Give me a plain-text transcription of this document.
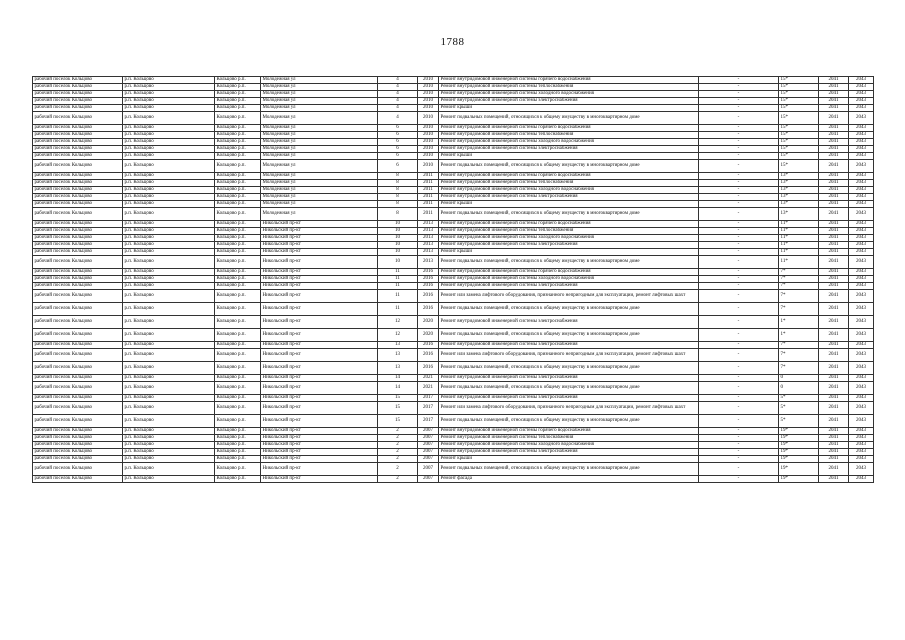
1788
рабочий поселок Кольцово	р.п. Кольцово	Кольцово р.п.	Молодежная ул	4	2010	Ремонт внутридомовой инженерной системы горячего водоснабжения	-	15*	2041	2043
рабочий поселок Кольцово	р.п. Кольцово	Кольцово р.п.	Молодежная ул	4	2010	Ремонт внутридомовой инженерной системы теплоснабжения	-	15*	2041	2043
рабочий поселок Кольцово	р.п. Кольцово	Кольцово р.п.	Молодежная ул	4	2010	Ремонт внутридомовой инженерной системы холодного водоснабжения	-	15*	2041	2043
рабочий поселок Кольцово	р.п. Кольцово	Кольцово р.п.	Молодежная ул	4	2010	Ремонт внутридомовой инженерной системы электроснабжения	-	15*	2041	2043
рабочий поселок Кольцово	р.п. Кольцово	Кольцово р.п.	Молодежная ул	4	2010	Ремонт крыши	-	15*	2041	2043
рабочий поселок Кольцово	р.п. Кольцово	Кольцово р.п.	Молодежная ул	4	2010	Ремонт подвальных помещений, относящихся к общему имуществу в многоквартирном доме	-	15*	2041	2043
рабочий поселок Кольцово	р.п. Кольцово	Кольцово р.п.	Молодежная ул	6	2010	Ремонт внутридомовой инженерной системы горячего водоснабжения	-	15*	2041	2043
рабочий поселок Кольцово	р.п. Кольцово	Кольцово р.п.	Молодежная ул	6	2010	Ремонт внутридомовой инженерной системы теплоснабжения	-	15*	2041	2043
рабочий поселок Кольцово	р.п. Кольцово	Кольцово р.п.	Молодежная ул	6	2010	Ремонт внутридомовой инженерной системы холодного водоснабжения	-	15*	2041	2043
рабочий поселок Кольцово	р.п. Кольцово	Кольцово р.п.	Молодежная ул	6	2010	Ремонт внутридомовой инженерной системы электроснабжения	-	15*	2041	2043
рабочий поселок Кольцово	р.п. Кольцово	Кольцово р.п.	Молодежная ул	6	2010	Ремонт крыши	-	15*	2041	2043
рабочий поселок Кольцово	р.п. Кольцово	Кольцово р.п.	Молодежная ул	6	2010	Ремонт подвальных помещений, относящихся к общему имуществу в многоквартирном доме	-	15*	2041	2043
рабочий поселок Кольцово	р.п. Кольцово	Кольцово р.п.	Молодежная ул	8	2011	Ремонт внутридомовой инженерной системы горячего водоснабжения	-	13*	2041	2043
рабочий поселок Кольцово	р.п. Кольцово	Кольцово р.п.	Молодежная ул	8	2011	Ремонт внутридомовой инженерной системы теплоснабжения	-	13*	2041	2043
рабочий поселок Кольцово	р.п. Кольцово	Кольцово р.п.	Молодежная ул	8	2011	Ремонт внутридомовой инженерной системы холодного водоснабжения	-	13*	2041	2043
рабочий поселок Кольцово	р.п. Кольцово	Кольцово р.п.	Молодежная ул	8	2011	Ремонт внутридомовой инженерной системы электроснабжения	-	13*	2041	2043
рабочий поселок Кольцово	р.п. Кольцово	Кольцово р.п.	Молодежная ул	8	2011	Ремонт крыши	-	13*	2041	2043
рабочий поселок Кольцово	р.п. Кольцово	Кольцово р.п.	Молодежная ул	8	2011	Ремонт подвальных помещений, относящихся к общему имуществу в многоквартирном доме	-	13*	2041	2043
рабочий поселок Кольцово	р.п. Кольцово	Кольцово р.п.	Никольский пр-кт	10	2013	Ремонт внутридомовой инженерной системы горячего водоснабжения	-	11*	2041	2043
рабочий поселок Кольцово	р.п. Кольцово	Кольцово р.п.	Никольский пр-кт	10	2013	Ремонт внутридомовой инженерной системы теплоснабжения	-	11*	2041	2043
рабочий поселок Кольцово	р.п. Кольцово	Кольцово р.п.	Никольский пр-кт	10	2013	Ремонт внутридомовой инженерной системы холодного водоснабжения	-	11*	2041	2043
рабочий поселок Кольцово	р.п. Кольцово	Кольцово р.п.	Никольский пр-кт	10	2013	Ремонт внутридомовой инженерной системы электроснабжения	-	11*	2041	2043
рабочий поселок Кольцово	р.п. Кольцово	Кольцово р.п.	Никольский пр-кт	10	2013	Ремонт крыши	-	11*	2041	2043
рабочий поселок Кольцово	р.п. Кольцово	Кольцово р.п.	Никольский пр-кт	10	2013	Ремонт подвальных помещений, относящихся к общему имуществу в многоквартирном доме	-	11*	2041	2043
рабочий поселок Кольцово	р.п. Кольцово	Кольцово р.п.	Никольский пр-кт	11	2016	Ремонт внутридомовой инженерной системы горячего водоснабжения	-	7*	2041	2043
рабочий поселок Кольцово	р.п. Кольцово	Кольцово р.п.	Никольский пр-кт	11	2016	Ремонт внутридомовой инженерной системы холодного водоснабжения	-	7*	2041	2043
рабочий поселок Кольцово	р.п. Кольцово	Кольцово р.п.	Никольский пр-кт	11	2016	Ремонт внутридомовой инженерной системы электроснабжения	-	7*	2041	2043
рабочий поселок Кольцово	р.п. Кольцово	Кольцово р.п.	Никольский пр-кт	11	2016	Ремонт или замена лифтового оборудования, признанного непригодным для эксплуатации, ремонт лифтовых шахт	-	7*	2041	2043
рабочий поселок Кольцово	р.п. Кольцово	Кольцово р.п.	Никольский пр-кт	11	2016	Ремонт подвальных помещений, относящихся к общему имуществу в многоквартирном доме	-	7*	2041	2043
рабочий поселок Кольцово	р.п. Кольцово	Кольцово р.п.	Никольский пр-кт	12	2020	Ремонт внутридомовой инженерной системы электроснабжения	-	1*	2041	2043
рабочий поселок Кольцово	р.п. Кольцово	Кольцово р.п.	Никольский пр-кт	12	2020	Ремонт подвальных помещений, относящихся к общему имуществу в многоквартирном доме	-	1*	2041	2043
рабочий поселок Кольцово	р.п. Кольцово	Кольцово р.п.	Никольский пр-кт	13	2016	Ремонт внутридомовой инженерной системы электроснабжения	-	7*	2041	2043
рабочий поселок Кольцово	р.п. Кольцово	Кольцово р.п.	Никольский пр-кт	13	2016	Ремонт или замена лифтового оборудования, признанного непригодным для эксплуатации, ремонт лифтовых шахт	-	7*	2041	2043
рабочий поселок Кольцово	р.п. Кольцово	Кольцово р.п.	Никольский пр-кт	13	2016	Ремонт подвальных помещений, относящихся к общему имуществу в многоквартирном доме	-	7*	2041	2043
рабочий поселок Кольцово	р.п. Кольцово	Кольцово р.п.	Никольский пр-кт	14	2021	Ремонт внутридомовой инженерной системы электроснабжения	-	0	2041	2043
рабочий поселок Кольцово	р.п. Кольцово	Кольцово р.п.	Никольский пр-кт	14	2021	Ремонт подвальных помещений, относящихся к общему имуществу в многоквартирном доме	-	0	2041	2043
рабочий поселок Кольцово	р.п. Кольцово	Кольцово р.п.	Никольский пр-кт	15	2017	Ремонт внутридомовой инженерной системы электроснабжения	-	5*	2041	2043
рабочий поселок Кольцово	р.п. Кольцово	Кольцово р.п.	Никольский пр-кт	15	2017	Ремонт или замена лифтового оборудования, признанного непригодным для эксплуатации, ремонт лифтовых шахт	-	5*	2041	2043
рабочий поселок Кольцово	р.п. Кольцово	Кольцово р.п.	Никольский пр-кт	15	2017	Ремонт подвальных помещений, относящихся к общему имуществу в многоквартирном доме	-	5*	2041	2043
рабочий поселок Кольцово	р.п. Кольцово	Кольцово р.п.	Никольский пр-кт	2	2007	Ремонт внутридомовой инженерной системы горячего водоснабжения	-	19*	2041	2043
рабочий поселок Кольцово	р.п. Кольцово	Кольцово р.п.	Никольский пр-кт	2	2007	Ремонт внутридомовой инженерной системы теплоснабжения	-	19*	2041	2043
рабочий поселок Кольцово	р.п. Кольцово	Кольцово р.п.	Никольский пр-кт	2	2007	Ремонт внутридомовой инженерной системы холодного водоснабжения	-	19*	2041	2043
рабочий поселок Кольцово	р.п. Кольцово	Кольцово р.п.	Никольский пр-кт	2	2007	Ремонт внутридомовой инженерной системы электроснабжения	-	19*	2041	2043
рабочий поселок Кольцово	р.п. Кольцово	Кольцово р.п.	Никольский пр-кт	2	2007	Ремонт крыши	-	19*	2041	2043
рабочий поселок Кольцово	р.п. Кольцово	Кольцово р.п.	Никольский пр-кт	2	2007	Ремонт подвальных помещений, относящихся к общему имуществу в многоквартирном доме	-	19*	2041	2043
рабочий поселок Кольцово	р.п. Кольцово	Кольцово р.п.	Никольский пр-кт	2	2007	Ремонт фасада	-	19*	2041	2043
